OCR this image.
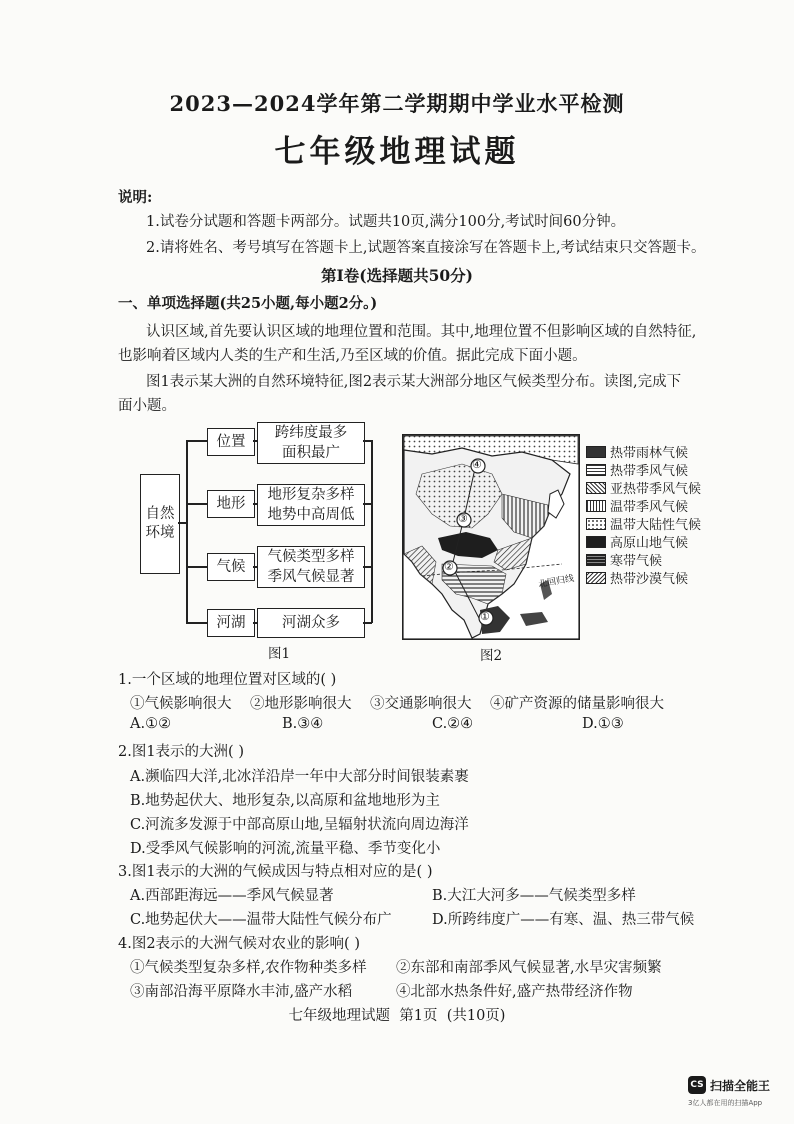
2023—2024学年第二学期期中学业水平检测
七年级地理试题
说明:
1.试卷分试题和答题卡两部分。试题共10页,满分100分,考试时间60分钟。
2.请将姓名、考号填写在答题卡上,试题答案直接涂写在答题卡上,考试结束只交答题卡。
第Ⅰ卷(选择题共50分)
一、单项选择题(共25小题,每小题2分。)
认识区域,首先要认识区域的地理位置和范围。其中,地理位置不但影响区域的自然特征,
也影响着区域内人类的生产和生活,乃至区域的价值。据此完成下面小题。
图1表示某大洲的自然环境特征,图2表示某大洲部分地区气候类型分布。读图,完成下
面小题。
自然环境
位置
跨纬度最多
面积最广
地形
地形复杂多样
地势中高周低
气候
气候类型多样
季风气候显著
河湖	河湖众多
图1
④
③
②
①
北回归线
热带雨林气候
热带季风气候
亚热带季风气候
温带季风气候
温带大陆性气候
高原山地气候
寒带气候
热带沙漠气候
图2
1.一个区域的地理位置对区域的( )
①气候影响很大 ②地形影响很大 ③交通影响很大 ④矿产资源的储量影响很大
A.①②	B.③④	C.②④	D.①③
2.图1表示的大洲( )
A.濒临四大洋,北冰洋沿岸一年中大部分时间银装素裹
B.地势起伏大、地形复杂,以高原和盆地地形为主
C.河流多发源于中部高原山地,呈辐射状流向周边海洋
D.受季风气候影响的河流,流量平稳、季节变化小
3.图1表示的大洲的气候成因与特点相对应的是( )
A.西部距海远——季风气候显著	B.大江大河多——气候类型多样
C.地势起伏大——温带大陆性气候分布广	D.所跨纬度广——有寒、温、热三带气候
4.图2表示的大洲气候对农业的影响( )
①气候类型复杂多样,农作物种类多样 ②东部和南部季风气候显著,水旱灾害频繁
③南部沿海平原降水丰沛,盛产水稻	④北部水热条件好,盛产热带经济作物
七年级地理试题  第1页  (共10页)
CS 扫描全能王
3亿人都在用的扫描App
